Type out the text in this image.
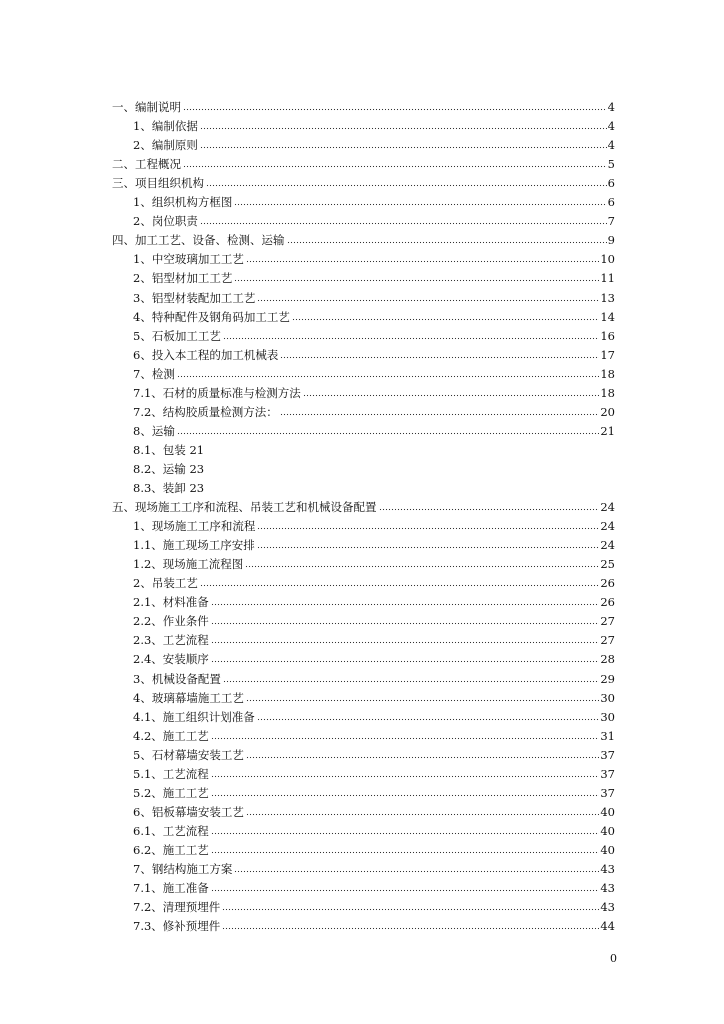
一、编制说明	4
1、编制依据	4
2、编制原则	4
二、工程概况	5
三、项目组织机构	6
1、组织机构方框图	6
2、岗位职责	7
四、加工工艺、设备、检测、运输	9
1、中空玻璃加工工艺	10
2、铝型材加工工艺	11
3、铝型材装配加工工艺	13
4、特种配件及钢角码加工工艺	14
5、石板加工工艺	16
6、投入本工程的加工机械表	17
7、检测	18
7.1、石材的质量标准与检测方法	18
7.2、结构胶质量检测方法：	20
8、运输	21
8.1、包装 21
8.2、运输 23
8.3、装卸 23
五、现场施工工序和流程、吊装工艺和机械设备配置	24
1、现场施工工序和流程	24
1.1、施工现场工序安排	24
1.2、现场施工流程图	25
2、吊装工艺	26
2.1、材料准备	26
2.2、作业条件	27
2.3、工艺流程	27
2.4、安装顺序	28
3、机械设备配置	29
4、玻璃幕墙施工工艺	30
4.1、施工组织计划准备	30
4.2、施工工艺	31
5、石材幕墙安装工艺	37
5.1、工艺流程	37
5.2、施工工艺	37
6、铝板幕墙安装工艺	40
6.1、工艺流程	40
6.2、施工工艺	40
7、钢结构施工方案	43
7.1、施工准备	43
7.2、清理预埋件	43
7.3、修补预埋件	44
0
